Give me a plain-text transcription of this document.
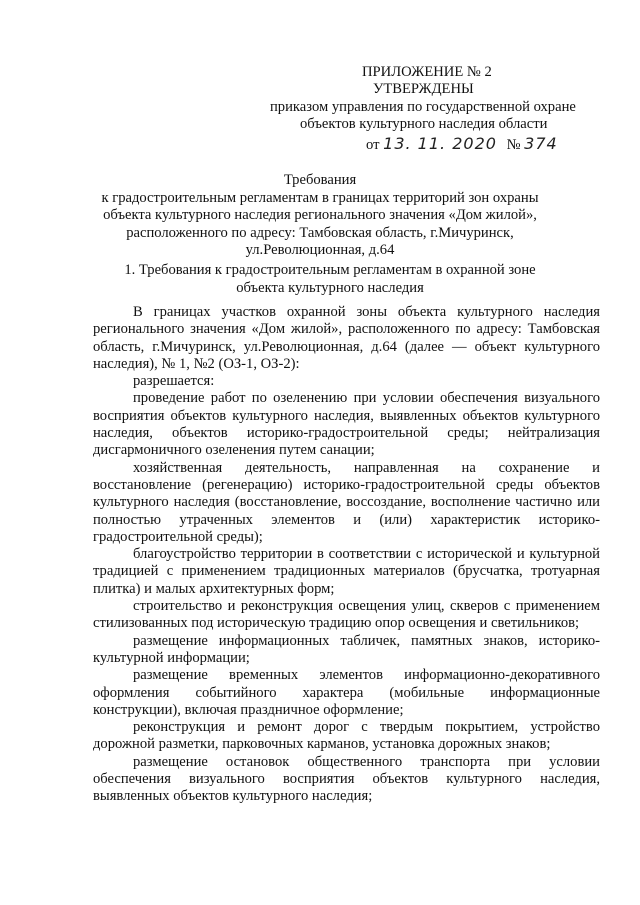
ПРИЛОЖЕНИЕ № 2
УТВЕРЖДЕНЫ
приказом управления по государственной охране
объектов культурного наследия области
от 13. 11. 2020 № 374
Требования
к градостроительным регламентам в границах территорий зон охраны
объекта культурного наследия регионального значения «Дом жилой»,
расположенного по адресу: Тамбовская область, г.Мичуринск,
ул.Революционная, д.64
1. Требования к градостроительным регламентам в охранной зоне
объекта культурного наследия

В границах участков охранной зоны объекта культурного наследия регионального значения «Дом жилой», расположенного по адресу: Тамбовская область, г.Мичуринск, ул.Революционная, д.64 (далее — объект культурного наследия), № 1, №2 (ОЗ-1, ОЗ-2):

разрешается:

проведение работ по озеленению при условии обеспечения визуального восприятия объектов культурного наследия, выявленных объектов культурного наследия, объектов историко-градостроительной среды; нейтрализация дисгармоничного озеленения путем санации;

хозяйственная деятельность, направленная на сохранение и восстановление (регенерацию) историко-градостроительной среды объектов культурного наследия (восстановление, воссоздание, восполнение частично или полностью утраченных элементов и (или) характеристик историко-градостроительной среды);

благоустройство территории в соответствии с исторической и культурной традицией с применением традиционных материалов (брусчатка, тротуарная плитка) и малых архитектурных форм;

строительство и реконструкция освещения улиц, скверов с применением стилизованных под историческую традицию опор освещения и светильников;

размещение информационных табличек, памятных знаков, историко-культурной информации;

размещение временных элементов информационно-декоративного оформления событийного характера (мобильные информационные конструкции), включая праздничное оформление;

реконструкция и ремонт дорог с твердым покрытием, устройство дорожной разметки, парковочных карманов, установка дорожных знаков;

размещение остановок общественного транспорта при условии обеспечения визуального восприятия объектов культурного наследия, выявленных объектов культурного наследия;
